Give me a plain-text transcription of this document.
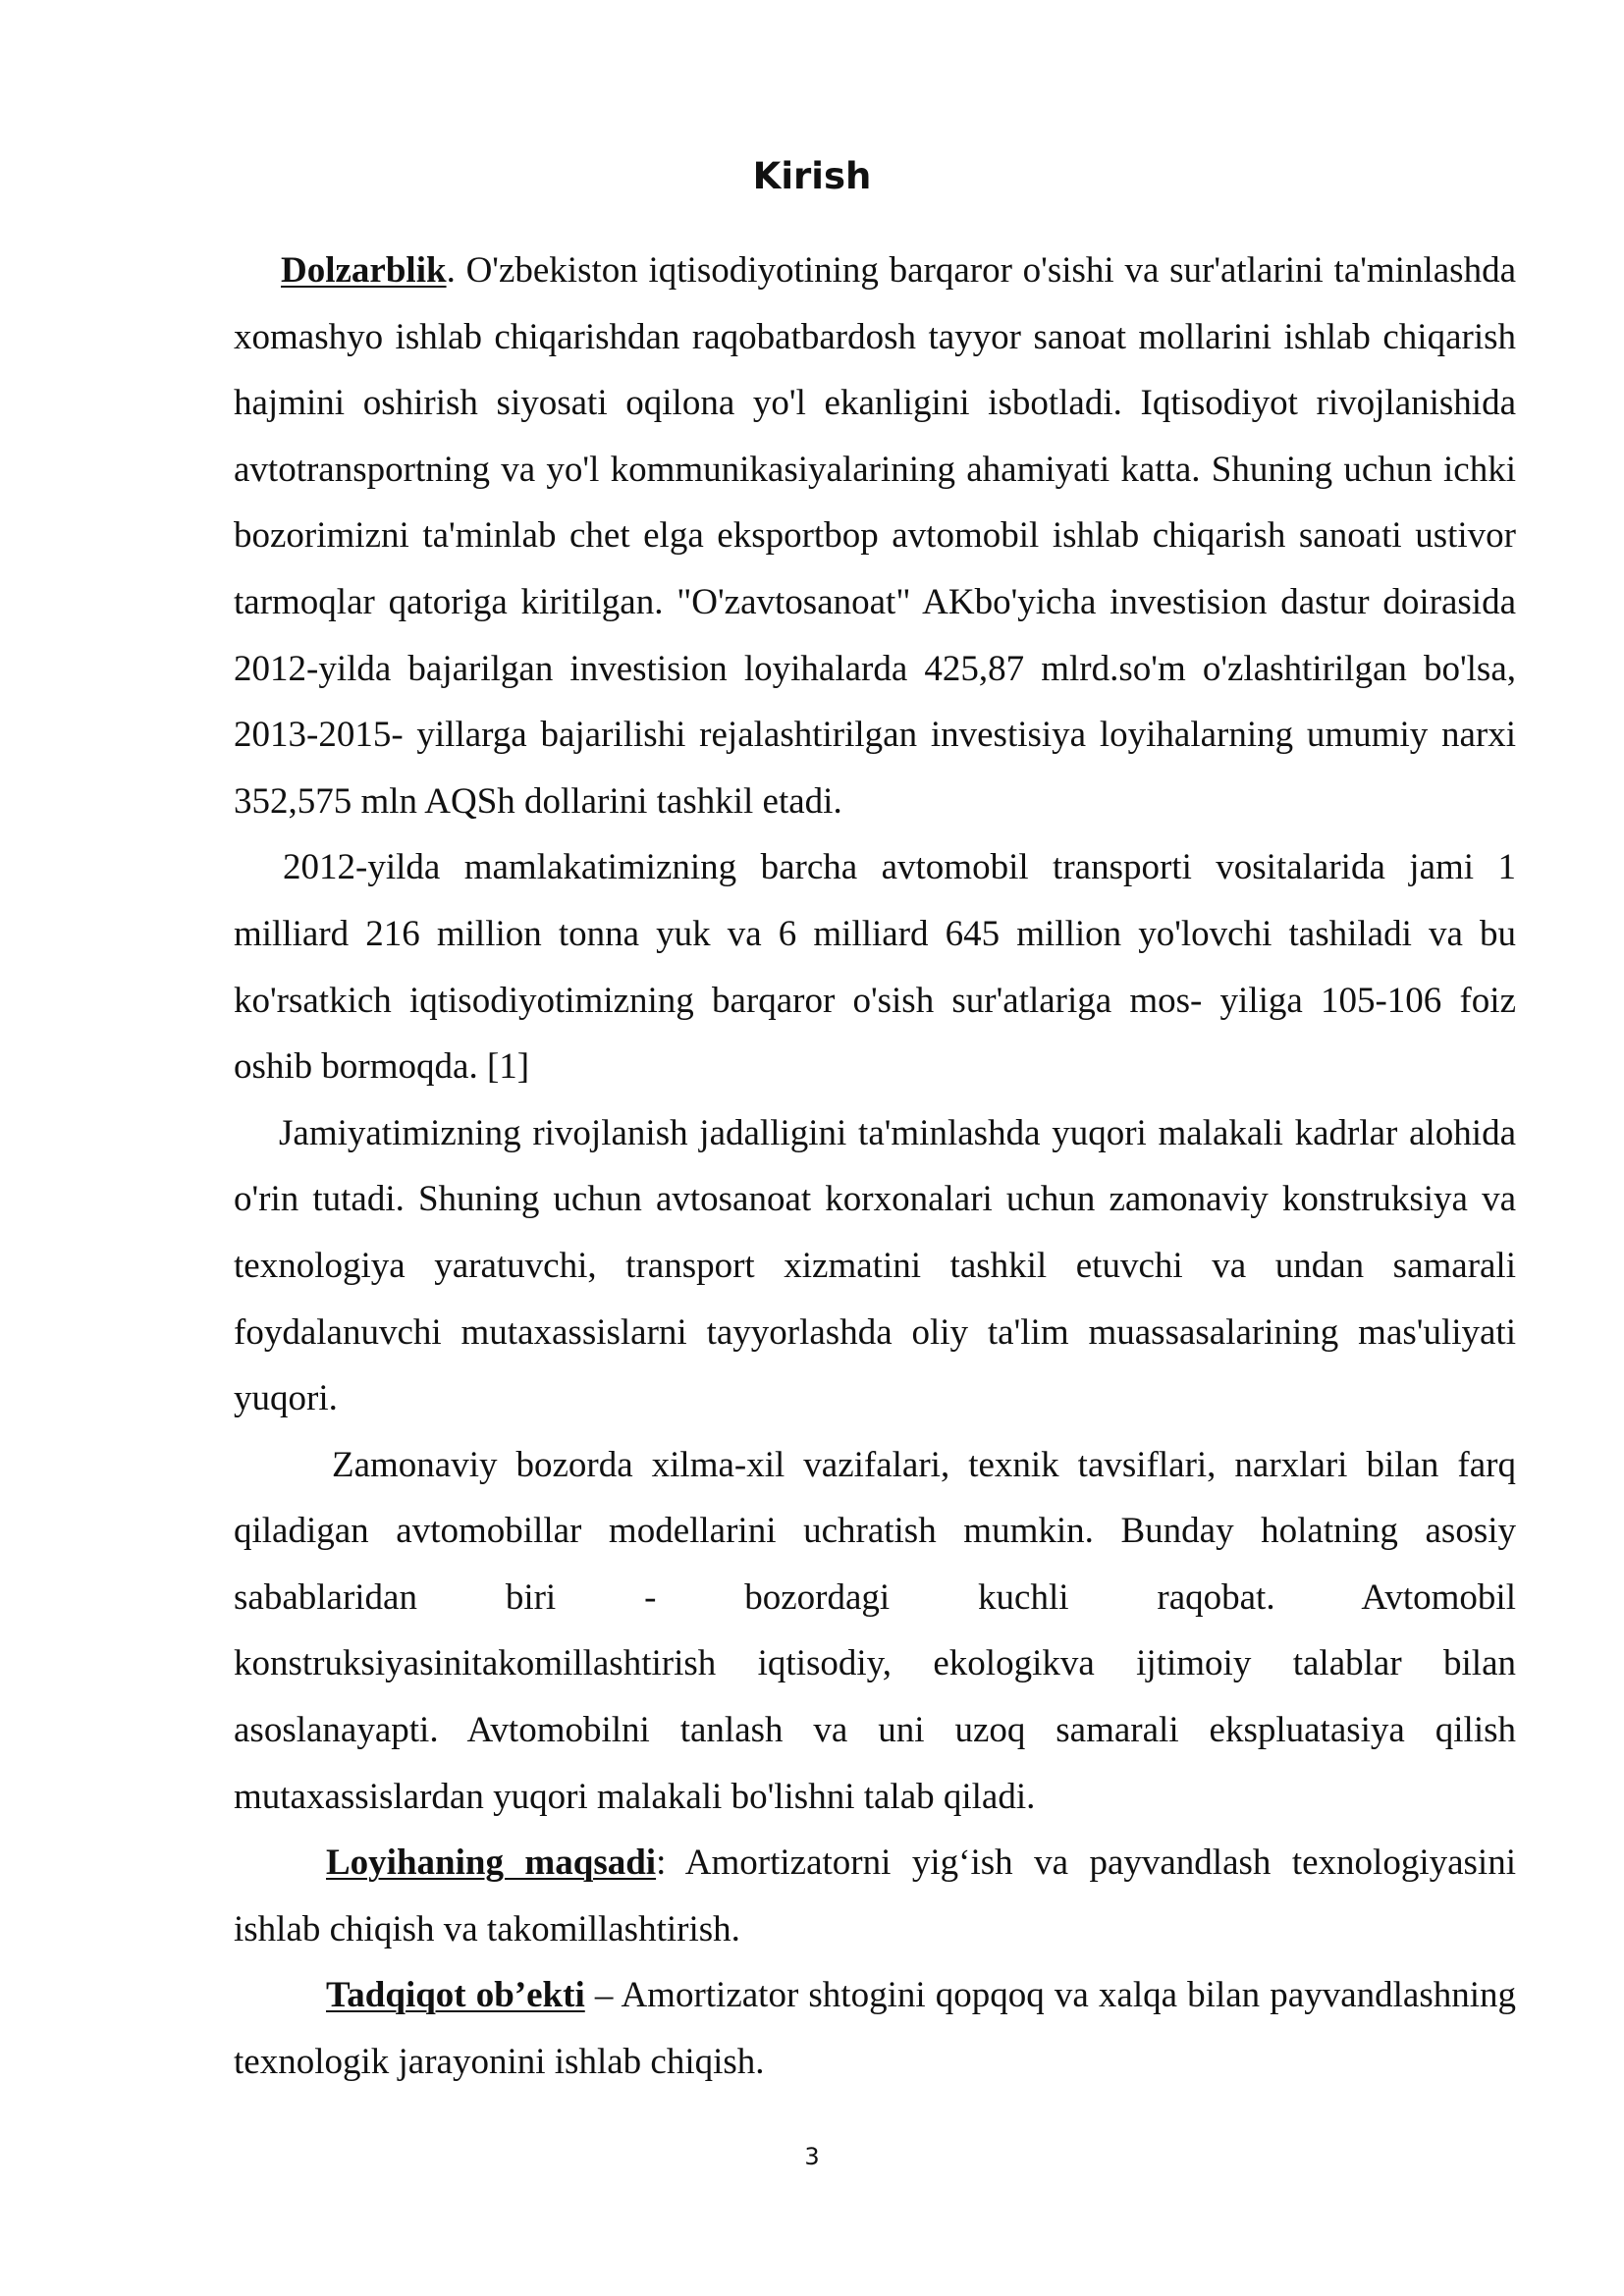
Kirish

Dolzarblik. O'zbekiston iqtisodiyotining barqaror o'sishi va sur'atlarini ta'minlashda xomashyo ishlab chiqarishdan raqobatbardosh tayyor sanoat mollarini ishlab chiqarish hajmini oshirish siyosati oqilona yo'l ekanligini isbotladi. Iqtisodiyot rivojlanishida avtotransportning va yo'l kommunikasiyalarining ahamiyati katta. Shuning uchun ichki bozorimizni ta'minlab chet elga eksportbop avtomobil ishlab chiqarish sanoati ustivor tarmoqlar qatoriga kiritilgan. "O'zavtosanoat" AKbo'yicha investision dastur doirasida 2012-yilda bajarilgan investision loyihalarda 425,87 mlrd.so'm o'zlashtirilgan bo'lsa, 2013-2015- yillarga bajarilishi rejalashtirilgan investisiya loyihalarning umumiy narxi 352,575 mln AQSh dollarini tashkil etadi.

2012-yilda mamlakatimizning barcha avtomobil transporti vositalarida jami 1 milliard 216 million tonna yuk va 6 milliard 645 million yo'lovchi tashiladi va bu ko'rsatkich iqtisodiyotimizning barqaror o'sish sur'atlariga mos- yiliga 105-106 foiz oshib bormoqda. [1]

Jamiyatimizning rivojlanish jadalligini ta'minlashda yuqori malakali kadrlar alohida o'rin tutadi. Shuning uchun avtosanoat korxonalari uchun zamonaviy konstruksiya va texnologiya yaratuvchi, transport xizmatini tashkil etuvchi va undan samarali foydalanuvchi mutaxassislarni tayyorlashda oliy ta'lim muassasalarining mas'uliyati yuqori.

Zamonaviy bozorda xilma-xil vazifalari, texnik tavsiflari, narxlari bilan farq qiladigan avtomobillar modellarini uchratish mumkin. Bunday holatning asosiy sabablaridan biri - bozordagi kuchli raqobat. Avtomobil konstruksiyasinitakomillashtirish iqtisodiy, ekologikva ijtimoiy talablar bilan asoslanayapti. Avtomobilni tanlash va uni uzoq samarali ekspluatasiya qilish mutaxassislardan yuqori malakali bo'lishni talab qiladi.

Loyihaning maqsadi: Amortizatorni yig‘ish va payvandlash texnologiyasini ishlab chiqish va takomillashtirish.

Tadqiqot ob’ekti – Amortizator shtogini qopqoq va xalqa bilan payvandlashning texnologik jarayonini ishlab chiqish.

3
